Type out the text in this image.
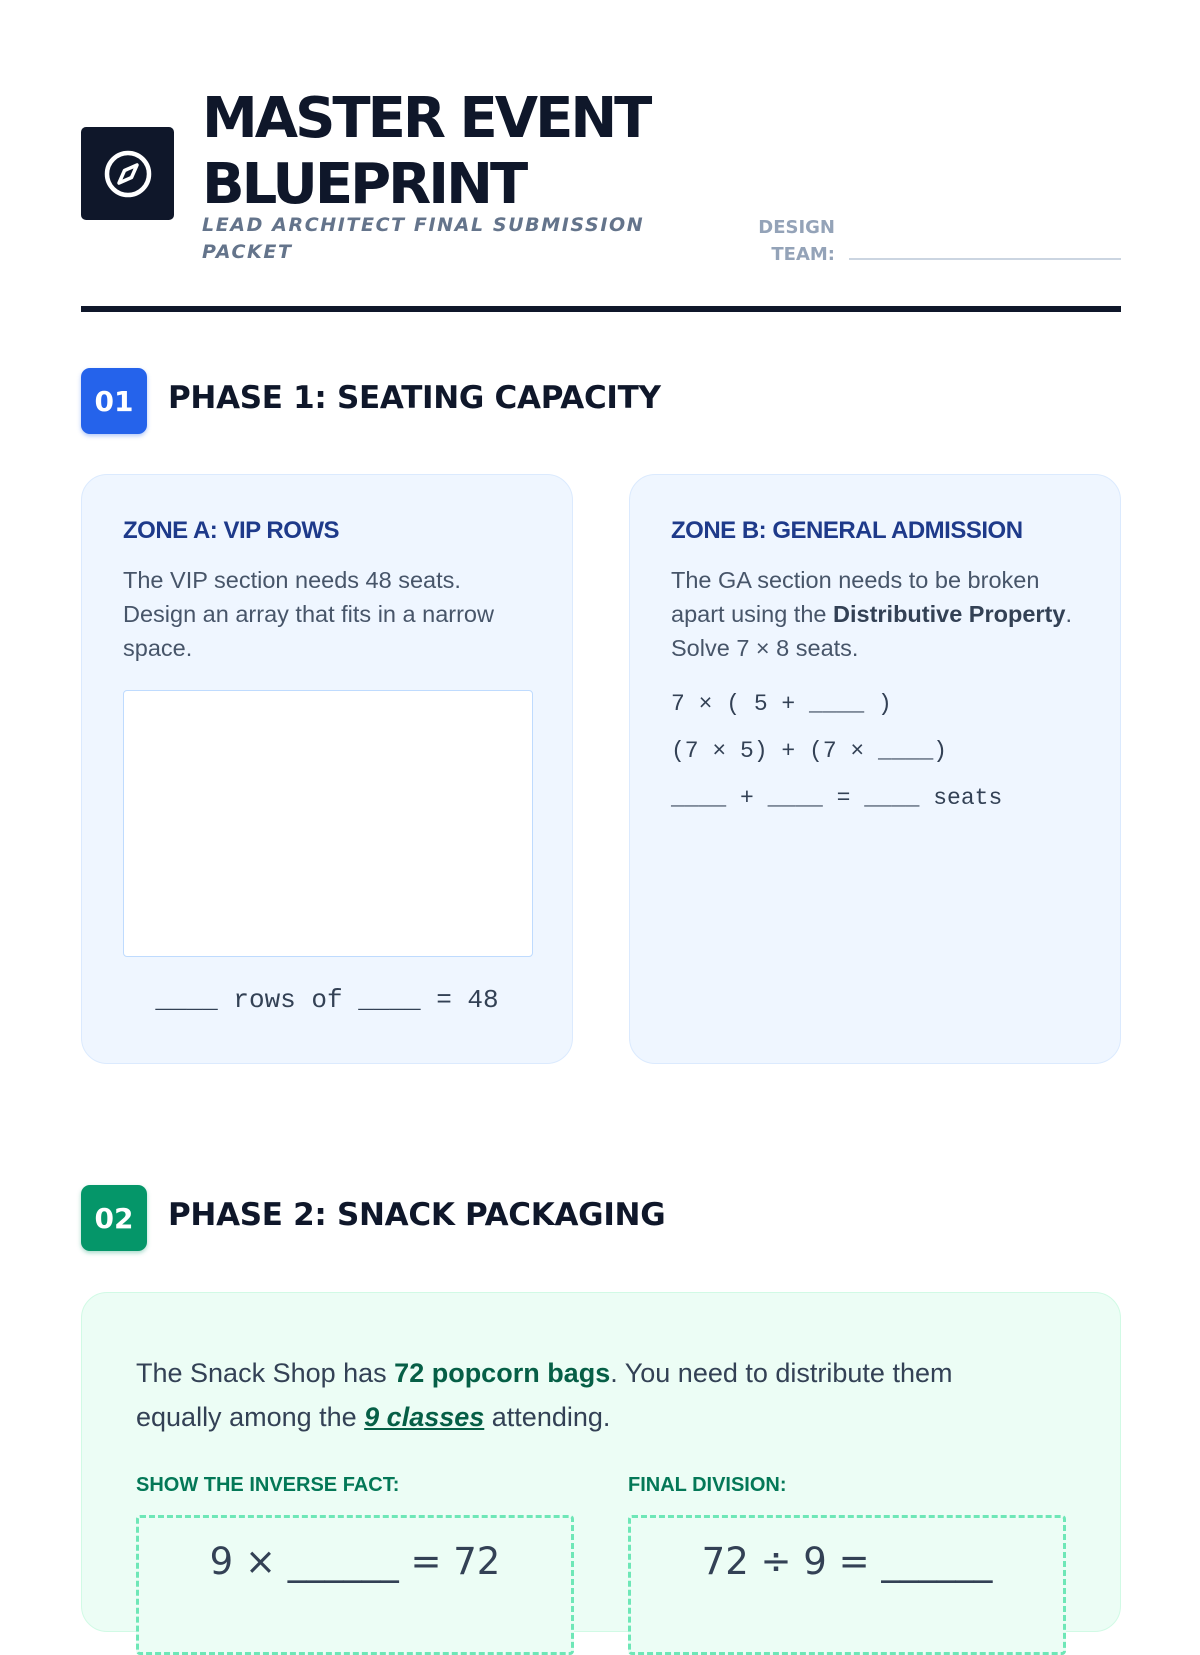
MASTER EVENT
BLUEPRINT
LEAD ARCHITECT FINAL SUBMISSION PACKET
DESIGN TEAM:
01	PHASE 1: SEATING CAPACITY
ZONE A: VIP ROWS
The VIP section needs 48 seats. Design an array that fits in a narrow space.
____ rows of ____ = 48
ZONE B: GENERAL ADMISSION
The GA section needs to be broken apart using the Distributive Property. Solve 7 × 8 seats.
7 × ( 5 + ____ )
(7 × 5) + (7 × ____)
____ + ____ = ____ seats
02	PHASE 2: SNACK PACKAGING
The Snack Shop has 72 popcorn bags. You need to distribute them equally among the 9 classes attending.
SHOW THE INVERSE FACT:
9 × ______ = 72
FINAL DIVISION:
72 ÷ 9 = ______
